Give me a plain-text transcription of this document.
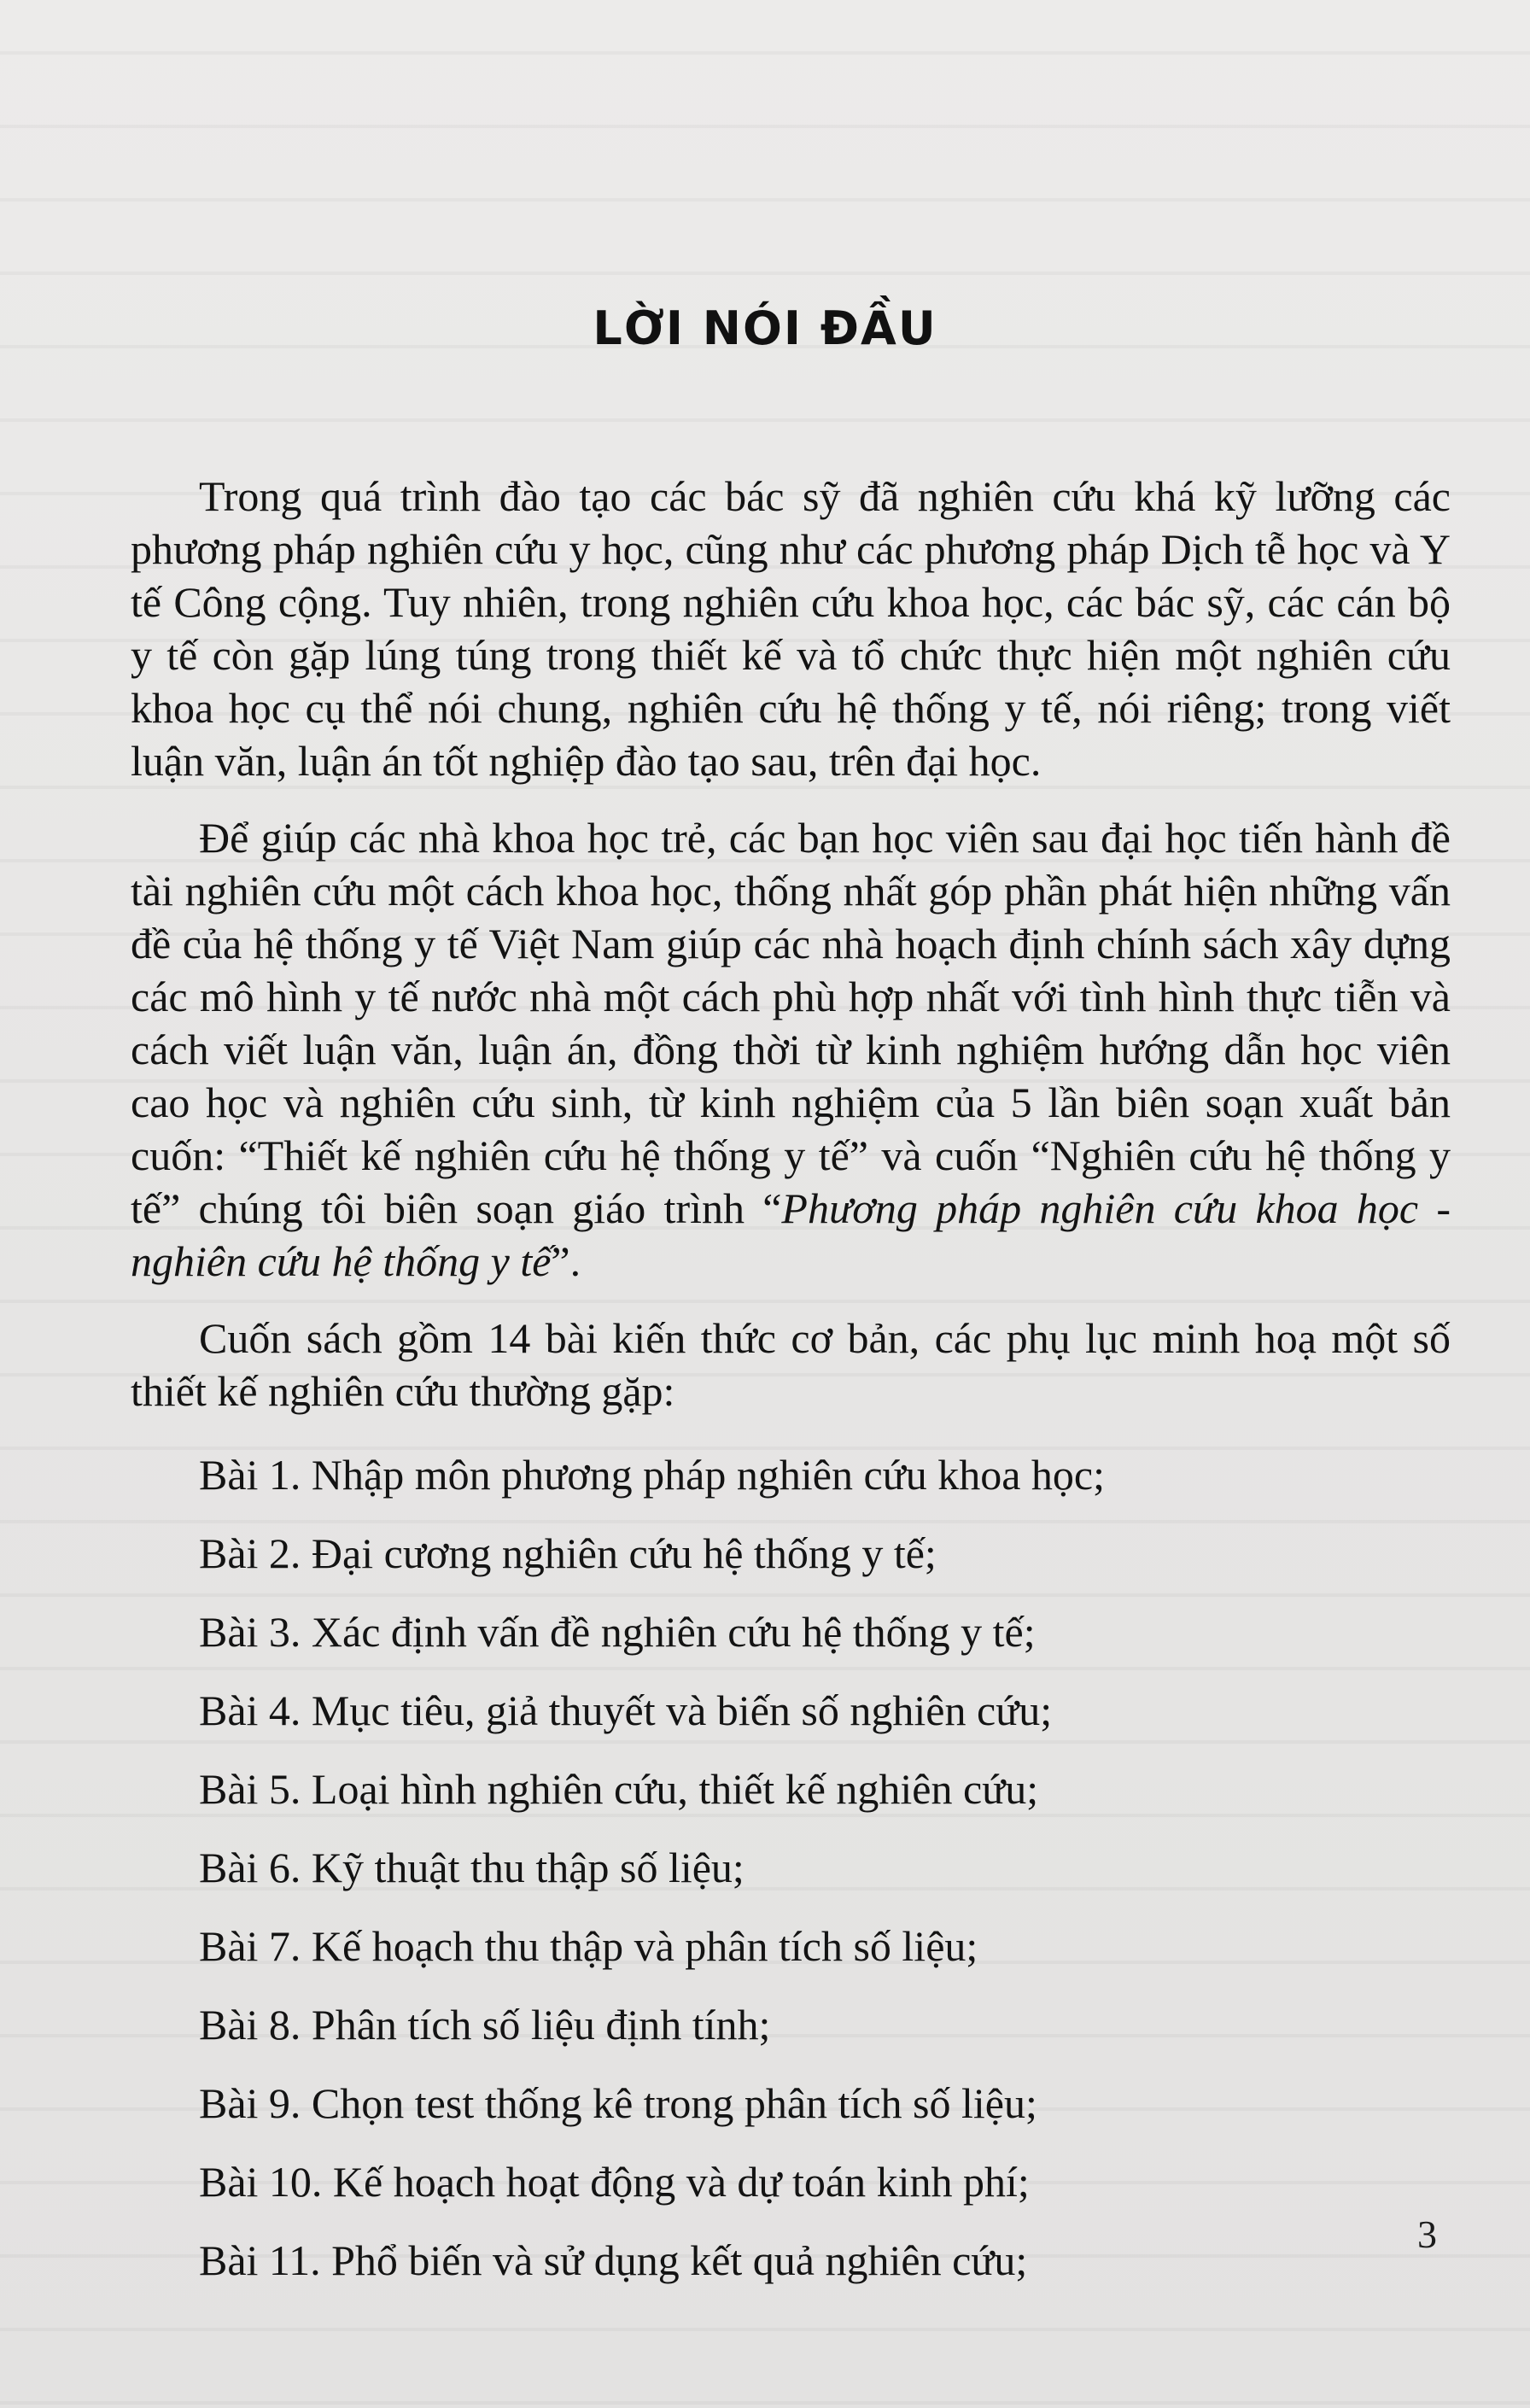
LỜI NÓI ĐẦU

Trong quá trình đào tạo các bác sỹ đã nghiên cứu khá kỹ lưỡng các phương pháp nghiên cứu y học, cũng như các phương pháp Dịch tễ học và Y tế Công cộng. Tuy nhiên, trong nghiên cứu khoa học, các bác sỹ, các cán bộ y tế còn gặp lúng túng trong thiết kế và tổ chức thực hiện một nghiên cứu khoa học cụ thể nói chung, nghiên cứu hệ thống y tế, nói riêng; trong viết luận văn, luận án tốt nghiệp đào tạo sau, trên đại học.

Để giúp các nhà khoa học trẻ, các bạn học viên sau đại học tiến hành đề tài nghiên cứu một cách khoa học, thống nhất góp phần phát hiện những vấn đề của hệ thống y tế Việt Nam giúp các nhà hoạch định chính sách xây dựng các mô hình y tế nước nhà một cách phù hợp nhất với tình hình thực tiễn và cách viết luận văn, luận án, đồng thời từ kinh nghiệm hướng dẫn học viên cao học và nghiên cứu sinh, từ kinh nghiệm của 5 lần biên soạn xuất bản cuốn: “Thiết kế nghiên cứu hệ thống y tế” và cuốn “Nghiên cứu hệ thống y tế” chúng tôi biên soạn giáo trình “Phương pháp nghiên cứu khoa học - nghiên cứu hệ thống y tế”.

Cuốn sách gồm 14 bài kiến thức cơ bản, các phụ lục minh hoạ một số thiết kế nghiên cứu thường gặp:

Bài 1. Nhập môn phương pháp nghiên cứu khoa học;
Bài 2. Đại cương nghiên cứu hệ thống y tế;
Bài 3. Xác định vấn đề nghiên cứu hệ thống y tế;
Bài 4. Mục tiêu, giả thuyết và biến số nghiên cứu;
Bài 5. Loại hình nghiên cứu, thiết kế nghiên cứu;
Bài 6. Kỹ thuật thu thập số liệu;
Bài 7. Kế hoạch thu thập và phân tích số liệu;
Bài 8. Phân tích số liệu định tính;
Bài 9. Chọn test thống kê trong phân tích số liệu;
Bài 10. Kế hoạch hoạt động và dự toán kinh phí;
Bài 11. Phổ biến và sử dụng kết quả nghiên cứu;
3
